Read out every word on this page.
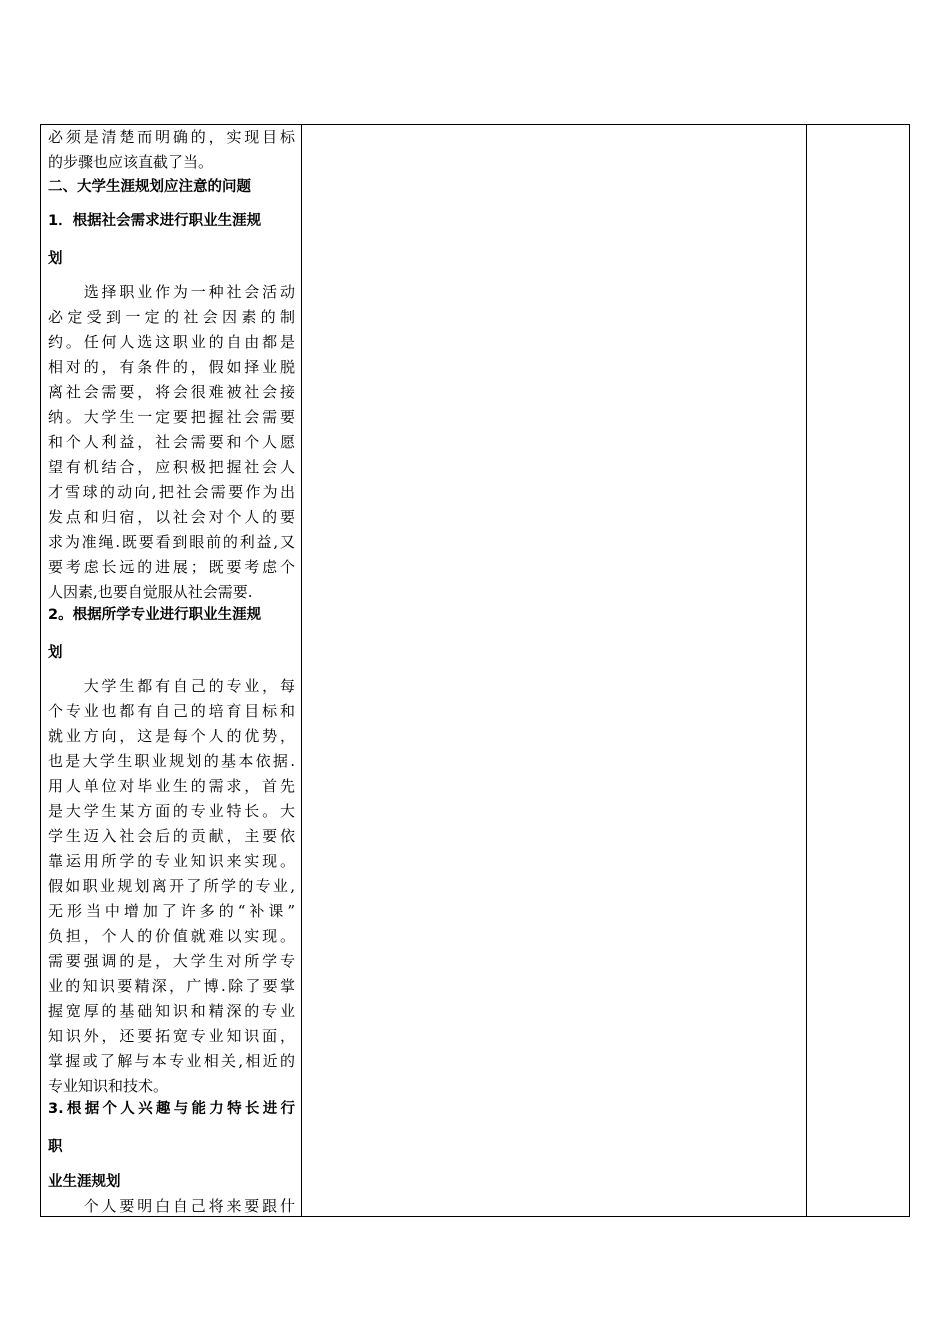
必须是清楚而明确的，实现目标
的步骤也应该直截了当。
二、大学生涯规划应注意的问题
1．根据社会需求进行职业生涯规
划
　　选择职业作为一种社会活动
必定受到一定的社会因素的制
约。任何人选这职业的自由都是
相对的，有条件的，假如择业脱
离社会需要，将会很难被社会接
纳。大学生一定要把握社会需要
和个人利益，社会需要和个人愿
望有机结合，应积极把握社会人
才雪球的动向,把社会需要作为出
发点和归宿，以社会对个人的要
求为准绳.既要看到眼前的利益,又
要考虑长远的进展；既要考虑个
人因素,也要自觉服从社会需要.
2。根据所学专业进行职业生涯规
划
　　大学生都有自己的专业，每
个专业也都有自己的培育目标和
就业方向，这是每个人的优势，
也是大学生职业规划的基本依据.
用人单位对毕业生的需求，首先
是大学生某方面的专业特长。大
学生迈入社会后的贡献，主要依
靠运用所学的专业知识来实现。
假如职业规划离开了所学的专业,
无形当中增加了许多的“补课”
负担，个人的价值就难以实现。
需要强调的是，大学生对所学专
业的知识要精深，广博.除了要掌
握宽厚的基础知识和精深的专业
知识外，还要拓宽专业知识面，
掌握或了解与本专业相关,相近的
专业知识和技术。
3.根据个人兴趣与能力特长进行
职
业生涯规划
　　个人要明白自己将来要跟什
